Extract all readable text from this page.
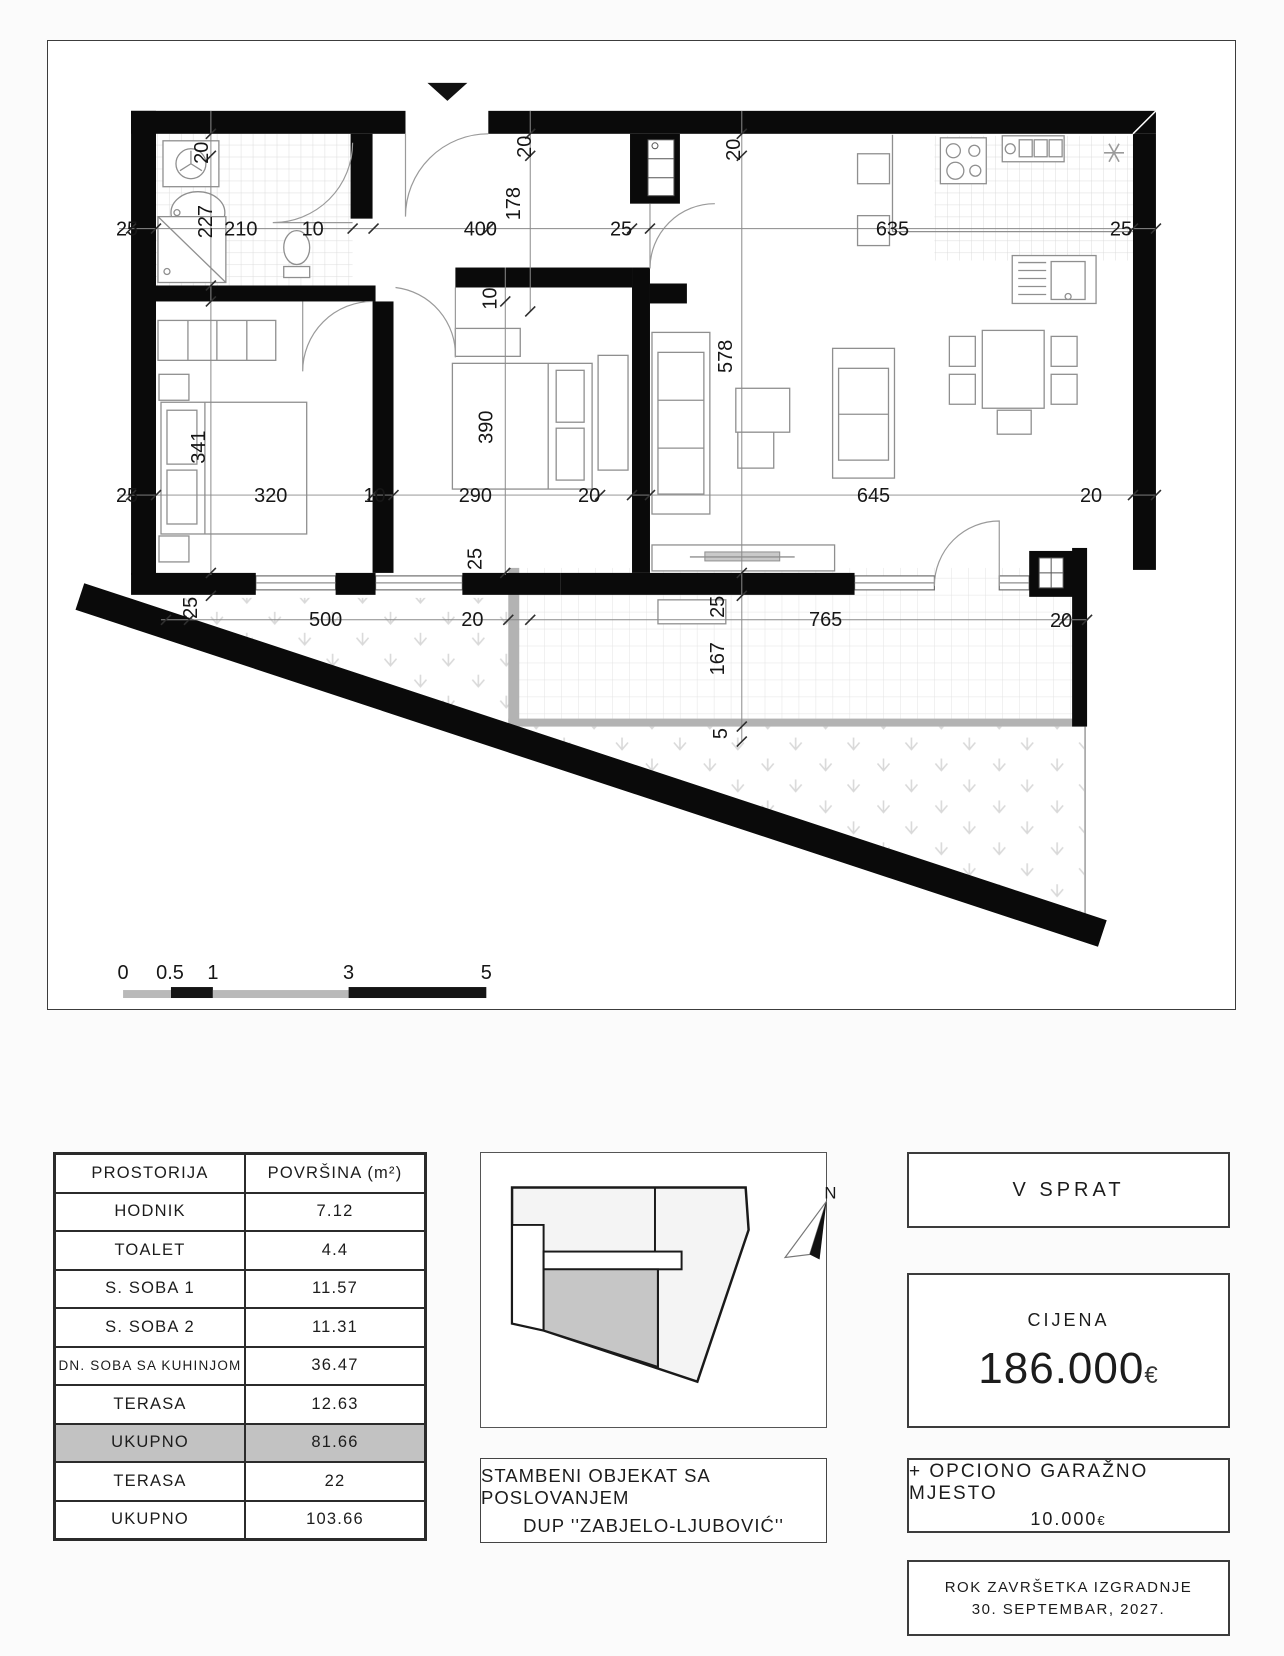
0 0.5 1	3	5
25	210 10	400	25	635	25
20
227
20
178
10
20
25	320	10	290	20	645	20
341
390
578
25
25
500	20
25
765	20
167
5
PROSTORIJA	POVRŠINA (m²)
HODNIK	7.12
TOALET	4.4
S. SOBA 1	11.57
S. SOBA 2	11.31
DN. SOBA SA KUHINJOM	36.47
TERASA	12.63
UKUPNO	81.66
TERASA	22
UKUPNO	103.66
N
STAMBENI OBJEKAT SA POSLOVANJEM
DUP ''ZABJELO-LJUBOVIĆ''
V SPRAT
CIJENA
186.000€
+ OPCIONO GARAŽNO MJESTO
10.000€
ROK ZAVRŠETKA IZGRADNJE
30. SEPTEMBAR, 2027.
